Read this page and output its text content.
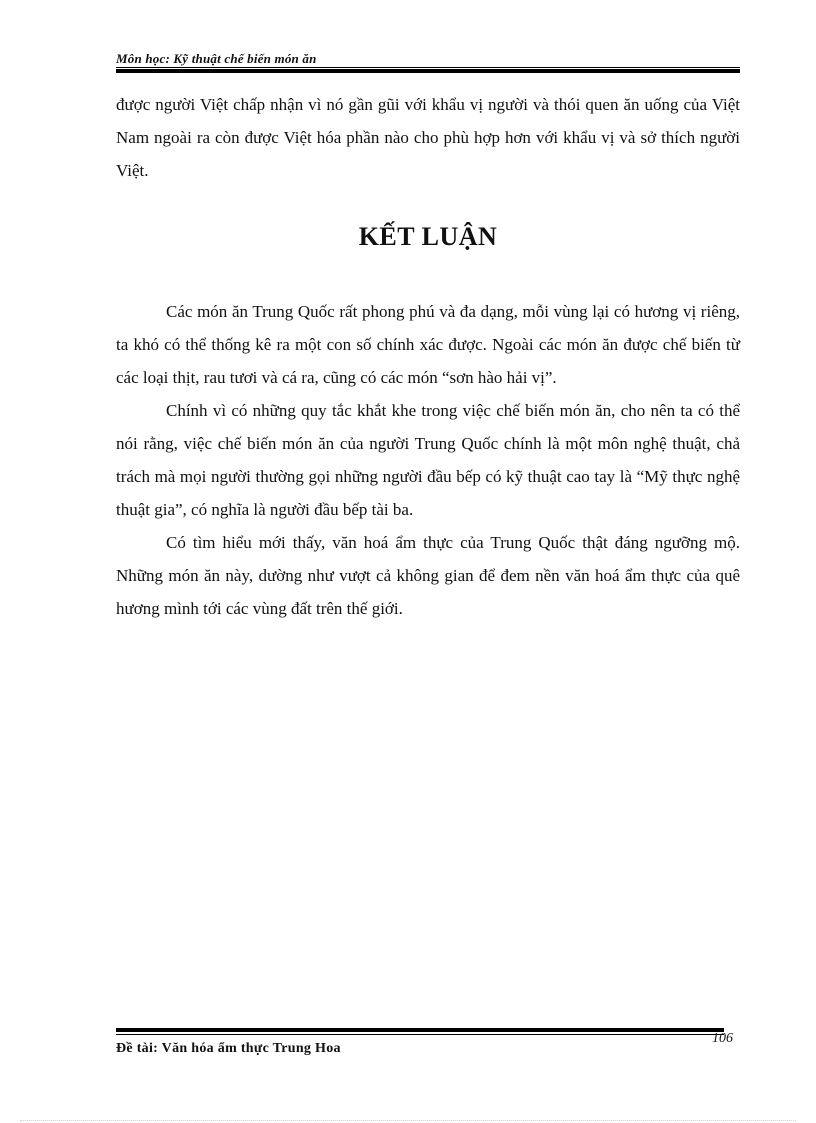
Môn học: Kỹ thuật chế biến món ăn

được người Việt chấp nhận vì nó gần gũi với khẩu vị người và thói quen ăn uống của Việt Nam ngoài ra còn được Việt hóa phần nào cho phù hợp hơn với khẩu vị và sở thích người Việt.

KẾT LUẬN

Các món ăn Trung Quốc rất phong phú và đa dạng, mỗi vùng lại có hương vị riêng, ta khó có thể thống kê ra một con số chính xác được. Ngoài các món ăn được chế biến từ các loại thịt, rau tươi và cá ra, cũng có các món “sơn hào hải vị”.

Chính vì có những quy tắc khắt khe trong việc chế biến món ăn, cho nên ta có thể nói rằng, việc chế biến món ăn của người Trung Quốc chính là một môn nghệ thuật, chả trách mà mọi người thường gọi những người đầu bếp có kỹ thuật cao tay là “Mỹ thực nghệ thuật gia”, có nghĩa là người đầu bếp tài ba.

Có tìm hiểu mới thấy, văn hoá ẩm thực của Trung Quốc thật đáng ngưỡng mộ. Những món ăn này, dường như vượt cả không gian để đem nền văn hoá ẩm thực của quê hương mình tới các vùng đất trên thế giới.

106
Đề tài: Văn hóa ẩm thực Trung Hoa
